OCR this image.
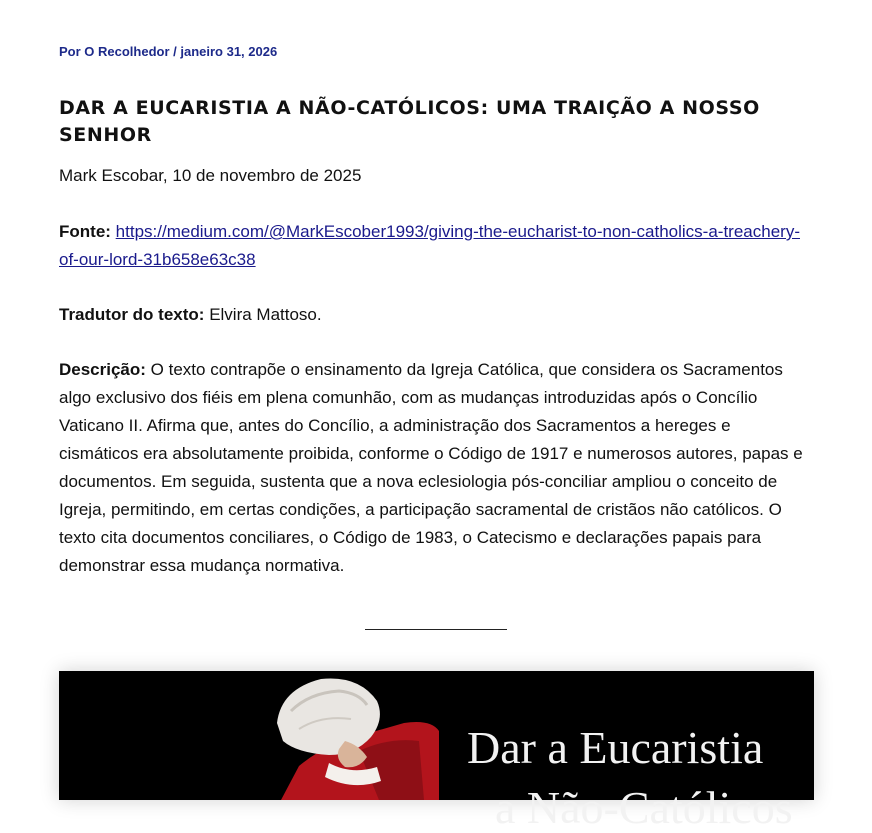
Por O Recolhedor / janeiro 31, 2026
DAR A EUCARISTIA A NÃO-CATÓLICOS: UMA TRAIÇÃO A NOSSO SENHOR

Mark Escobar, 10 de novembro de 2025

Fonte: https://medium.com/@MarkEscober1993/giving-the-eucharist-to-non-catholics-a-treachery-of-our-lord-31b658e63c38

Tradutor do texto: Elvira Mattoso.

Descrição: O texto contrapõe o ensinamento da Igreja Católica, que considera os Sacramentos algo exclusivo dos fiéis em plena comunhão, com as mudanças introduzidas após o Concílio Vaticano II. Afirma que, antes do Concílio, a administração dos Sacramentos a hereges e cismáticos era absolutamente proibida, conforme o Código de 1917 e numerosos autores, papas e documentos. Em seguida, sustenta que a nova eclesiologia pós-conciliar ampliou o conceito de Igreja, permitindo, em certas condições, a participação sacramental de cristãos não católicos. O texto cita documentos conciliares, o Código de 1983, o Catecismo e declarações papais para demonstrar essa mudança normativa.

Dar a Eucaristia
a Não-Católicos
